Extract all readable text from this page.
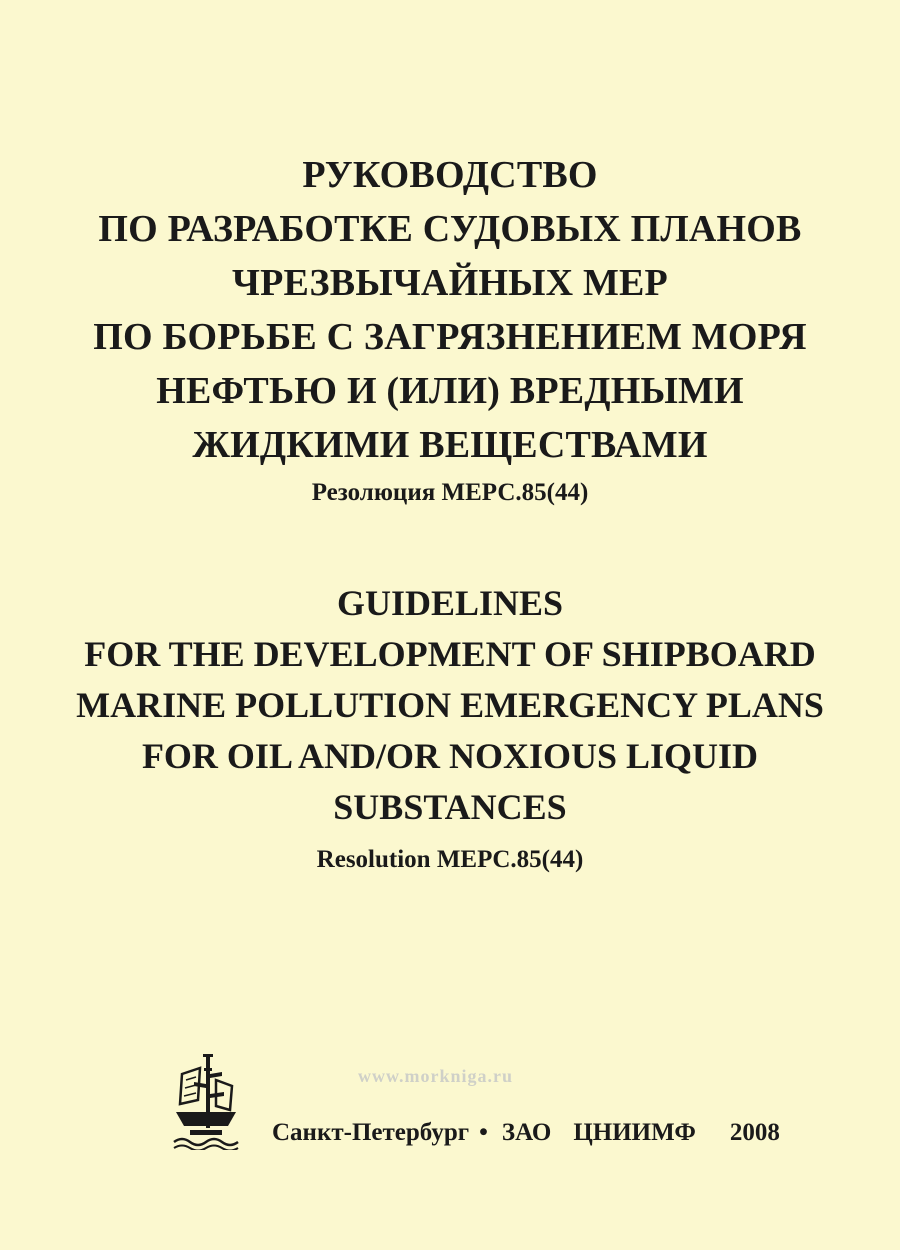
РУКОВОДСТВО
ПО РАЗРАБОТКЕ СУДОВЫХ ПЛАНОВ
ЧРЕЗВЫЧАЙНЫХ МЕР
ПО БОРЬБЕ С ЗАГРЯЗНЕНИЕМ МОРЯ
НЕФТЬЮ И (ИЛИ) ВРЕДНЫМИ
ЖИДКИМИ ВЕЩЕСТВАМИ
Резолюция МЕРС.85(44)
GUIDELINES
FOR THE DEVELOPMENT OF SHIPBOARD
MARINE POLLUTION EMERGENCY PLANS
FOR OIL AND/OR NOXIOUS LIQUID
SUBSTANCES
Resolution MEPC.85(44)
www.morkniga.ru
Санкт-Петербург • ЗАО ЦНИИМФ 2008
